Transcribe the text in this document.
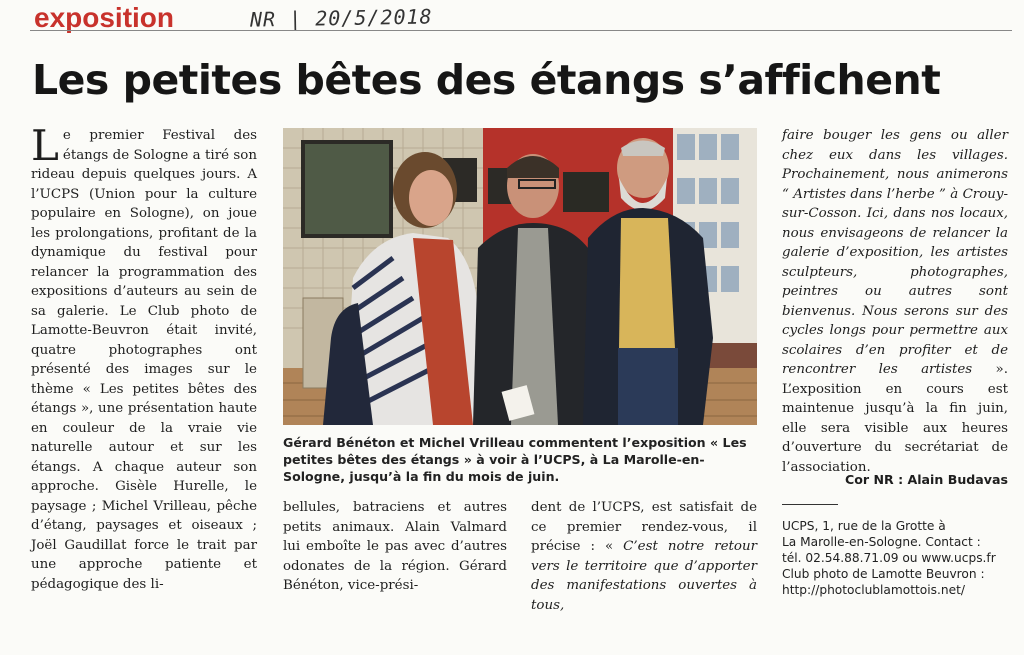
exposition	NR | 20/5/2018
Les petites bêtes des étangs s’affichent
Le premier Festival des étangs de Sologne a tiré son rideau depuis quelques jours. A l’UCPS (Union pour la culture populaire en Sologne), on joue les prolongations, profitant de la dynamique du festival pour relancer la programmation des expositions d’auteurs au sein de sa galerie. Le Club photo de Lamotte-Beuvron était invité, quatre photographes ont présenté des images sur le thème « Les petites bêtes des étangs », une présentation haute en couleur de la vraie vie naturelle autour et sur les étangs. A chaque auteur son approche. Gisèle Hurelle, le paysage ; Michel Vrilleau, pêche d’étang, paysages et oiseaux ; Joël Gaudillat force le trait par une approche patiente et pédagogique des li-
Gérard Bénéton et Michel Vrilleau commentent l’exposition « Les petites bêtes des étangs » à voir à l’UCPS, à La Marolle-en-Sologne, jusqu’à la fin du mois de juin.
bellules, batraciens et autres petits animaux. Alain Valmard lui emboîte le pas avec d’autres odonates de la région. Gérard Bénéton, vice-prési-
dent de l’UCPS, est satisfait de ce premier rendez-vous, il précise : « C’est notre retour vers le territoire que d’apporter des manifestations ouvertes à tous,
faire bouger les gens ou aller chez eux dans les villages. Prochainement, nous animerons “ Artistes dans l’herbe ” à Crouy-sur-Cosson. Ici, dans nos locaux, nous envisageons de relancer la galerie d’exposition, les artistes sculpteurs, photographes, peintres ou autres sont bienvenus. Nous serons sur des cycles longs pour permettre aux scolaires d’en profiter et de rencontrer les artistes ». L’exposition en cours est maintenue jusqu’à la fin juin, elle sera visible aux heures d’ouverture du secrétariat de l’association.
Cor NR : Alain Budavas
UCPS, 1, rue de la Grotte à
La Marolle-en-Sologne. Contact :
tél. 02.54.88.71.09 ou www.ucps.fr
Club photo de Lamotte Beuvron :
http://photoclublamottois.net/
